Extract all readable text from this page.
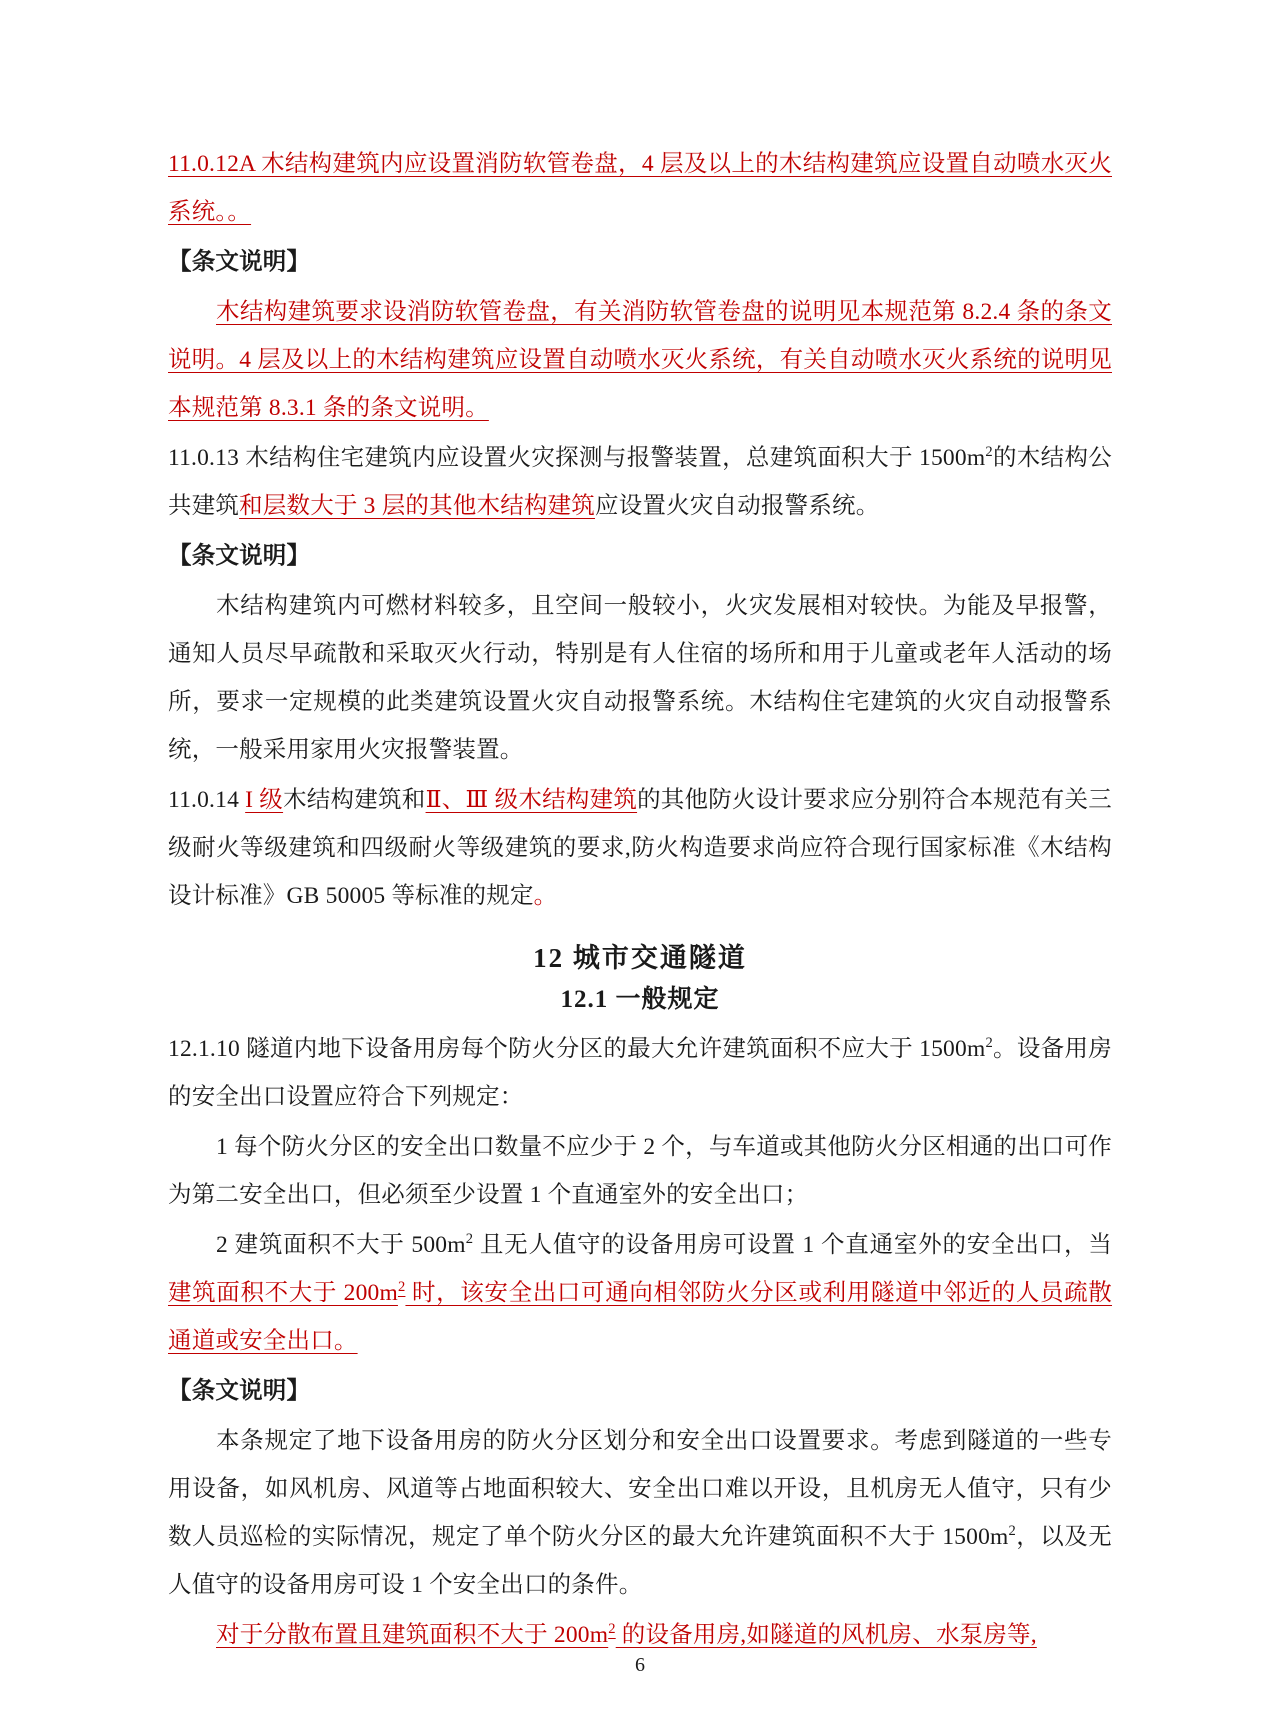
11.0.12A 木结构建筑内应设置消防软管卷盘，4 层及以上的木结构建筑应设置自动喷水灭火系统。。

【条文说明】

木结构建筑要求设消防软管卷盘，有关消防软管卷盘的说明见本规范第 8.2.4 条的条文说明。4 层及以上的木结构建筑应设置自动喷水灭火系统，有关自动喷水灭火系统的说明见本规范第 8.3.1 条的条文说明。

11.0.13 木结构住宅建筑内应设置火灾探测与报警装置，总建筑面积大于 $1500m^2$的木结构公共建筑和层数大于 3 层的其他木结构建筑应设置火灾自动报警系统。

【条文说明】

木结构建筑内可燃材料较多，且空间一般较小，火灾发展相对较快。为能及早报警，通知人员尽早疏散和采取灭火行动，特别是有人住宿的场所和用于儿童或老年人活动的场所，要求一定规模的此类建筑设置火灾自动报警系统。木结构住宅建筑的火灾自动报警系统，一般采用家用火灾报警装置。

11.0.14 I 级木结构建筑和Ⅱ、Ⅲ 级木结构建筑的其他防火设计要求应分别符合本规范有关三级耐火等级建筑和四级耐火等级建筑的要求,防火构造要求尚应符合现行国家标准《木结构设计标准》GB 50005 等标准的规定。

12 城市交通隧道
12.1 一般规定

12.1.10 隧道内地下设备用房每个防火分区的最大允许建筑面积不应大于 $1500m^2$。设备用房的安全出口设置应符合下列规定：

1 每个防火分区的安全出口数量不应少于 2 个，与车道或其他防火分区相通的出口可作为第二安全出口，但必须至少设置 1 个直通室外的安全出口；

2 建筑面积不大于 $500m^2$ 且无人值守的设备用房可设置 1 个直通室外的安全出口，当建筑面积不大于 $200m^2$ 时，该安全出口可通向相邻防火分区或利用隧道中邻近的人员疏散通道或安全出口。

【条文说明】

本条规定了地下设备用房的防火分区划分和安全出口设置要求。考虑到隧道的一些专用设备，如风机房、风道等占地面积较大、安全出口难以开设，且机房无人值守，只有少数人员巡检的实际情况，规定了单个防火分区的最大允许建筑面积不大于 $1500m^2$，以及无人值守的设备用房可设 1 个安全出口的条件。

对于分散布置且建筑面积不大于 $200m^2$ 的设备用房,如隧道的风机房、水泵房等,

6
